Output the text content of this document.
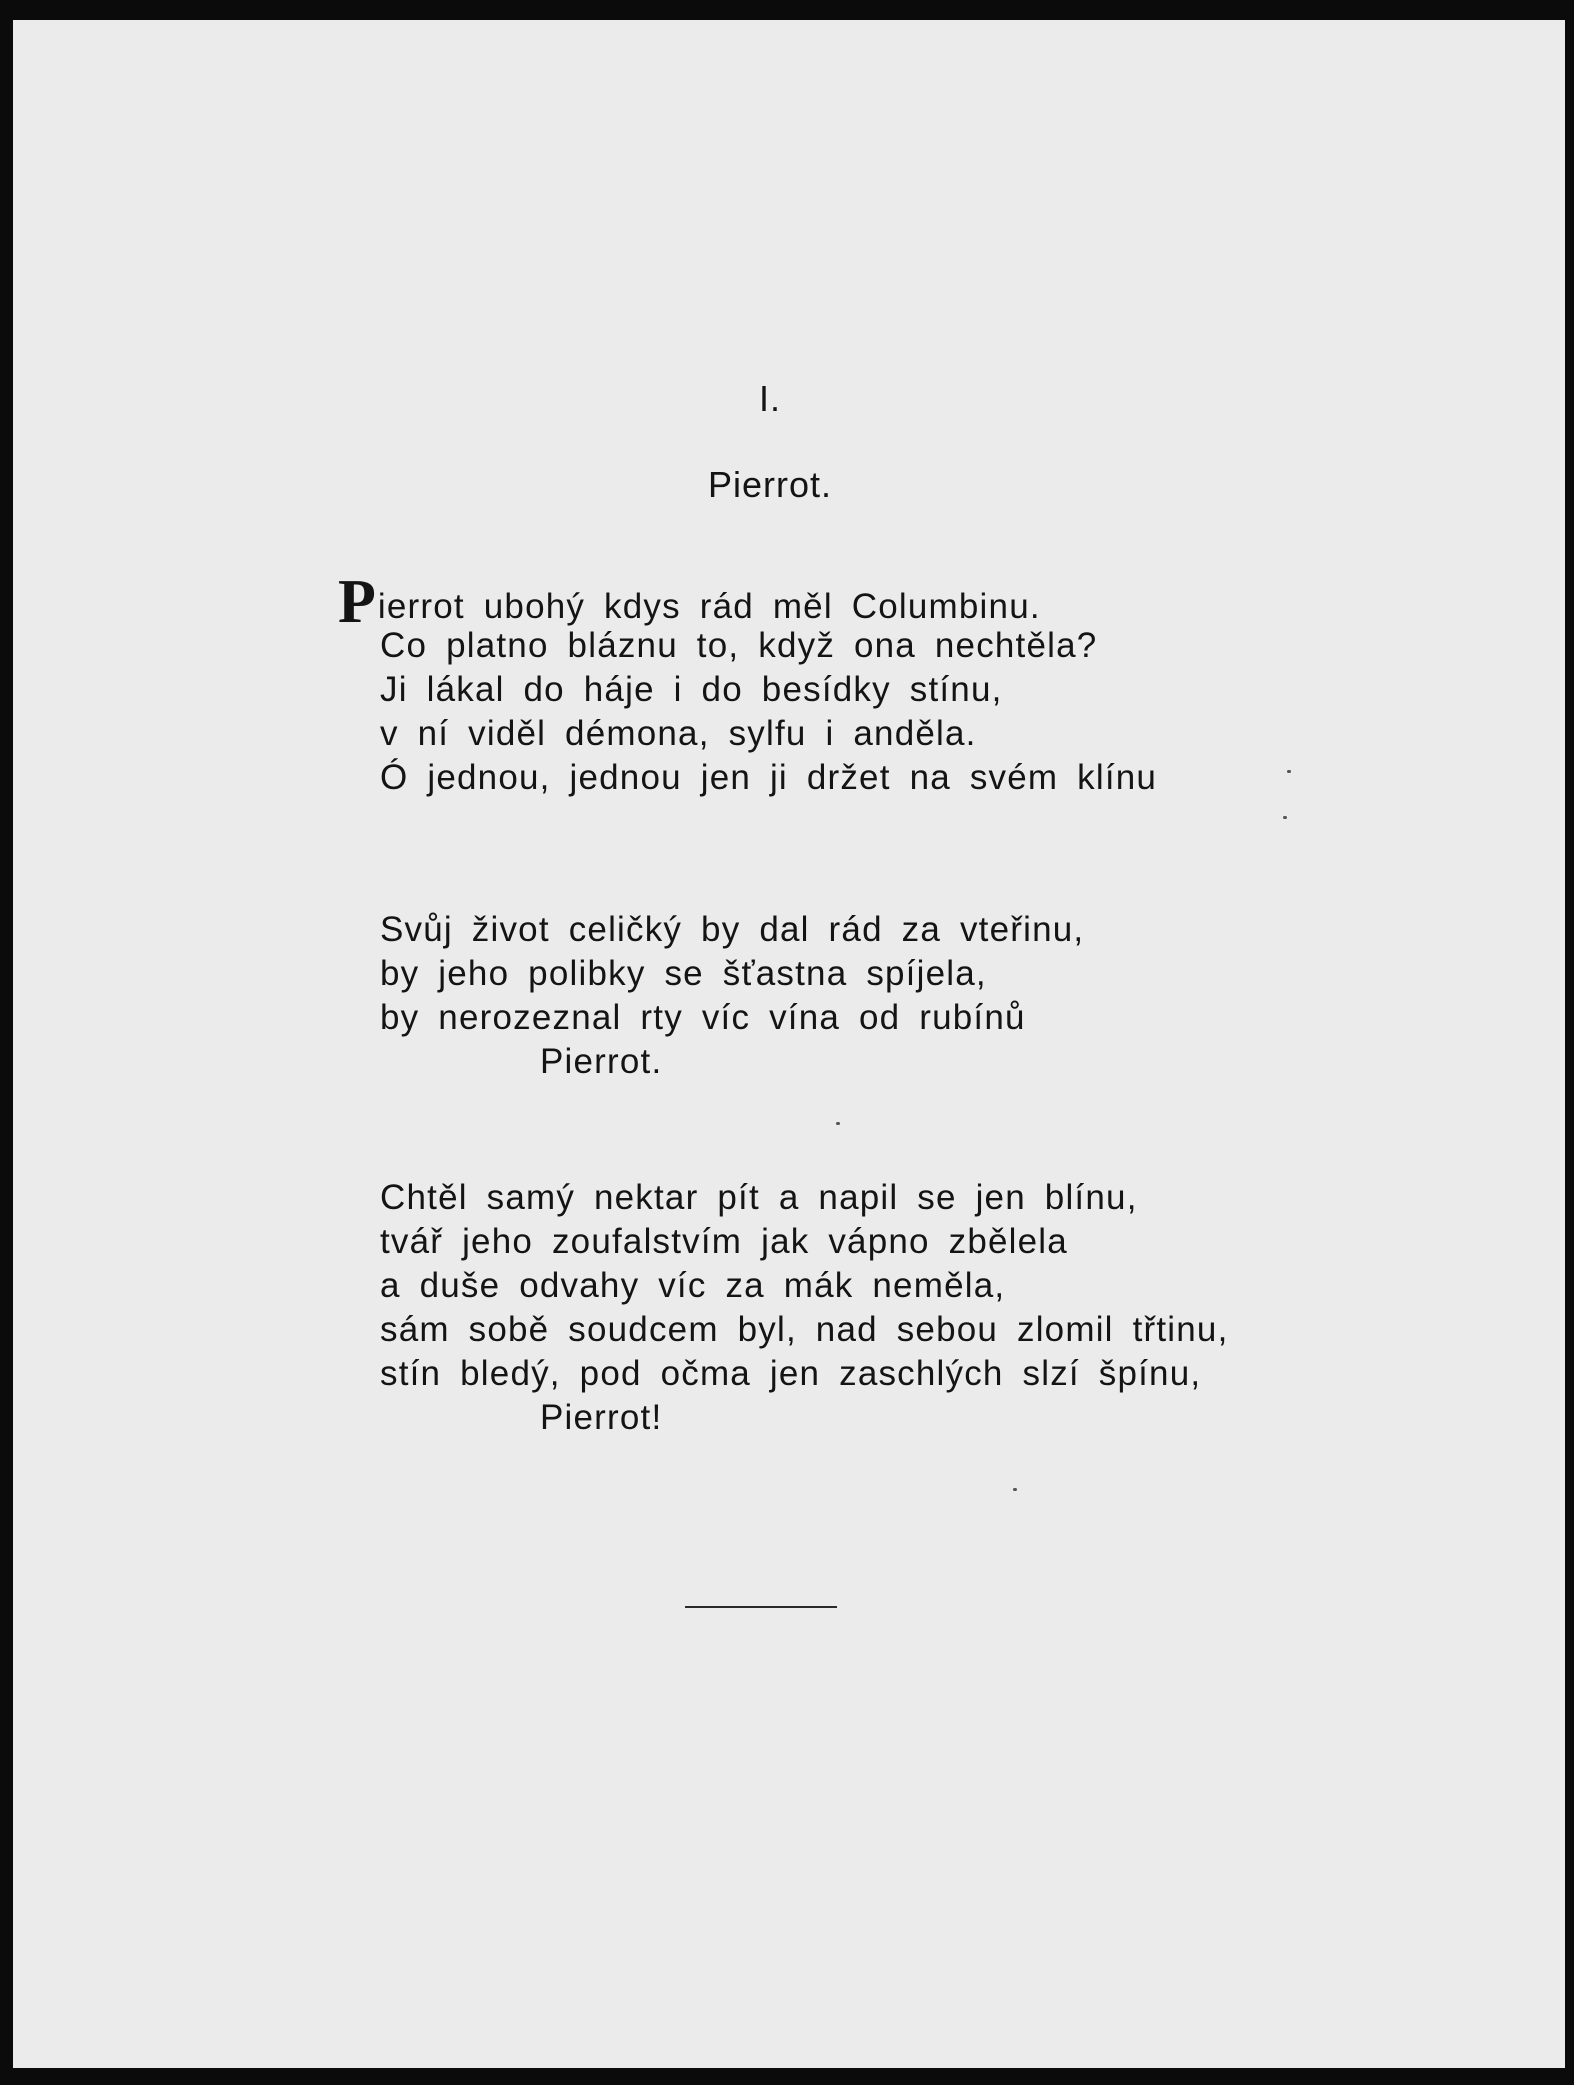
I.
Pierrot.
Pierrot ubohý kdys rád měl Columbinu.
Co platno bláznu to, když ona nechtěla?
Ji lákal do háje i do besídky stínu,
v ní viděl démona, sylfu i anděla.
Ó jednou, jednou jen ji držet na svém klínu
Svůj život celičký by dal rád za vteřinu,
by jeho polibky se šťastna spíjela,
by nerozeznal rty víc vína od rubínů
Pierrot.
Chtěl samý nektar pít a napil se jen blínu,
tvář jeho zoufalstvím jak vápno zbělela
a duše odvahy víc za mák neměla,
sám sobě soudcem byl, nad sebou zlomil třtinu,
stín bledý, pod očma jen zaschlých slzí špínu,
Pierrot!
